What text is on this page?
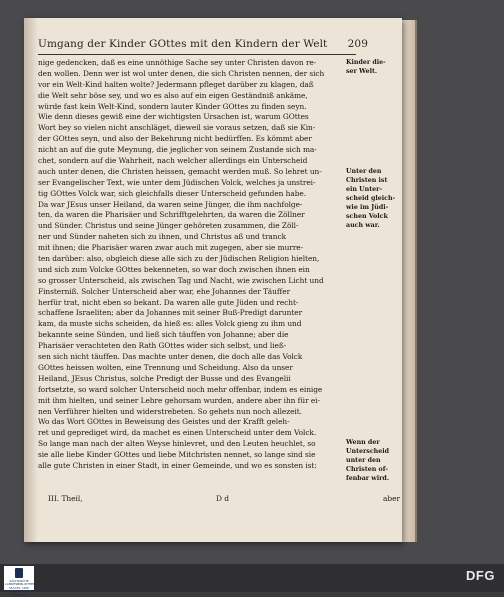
Umgang der Kinder GOttes mit den Kindern der Welt 209
nige gedencken, daß es eine unnöthige Sache sey unter Christen davon re-
den wollen. Denn wer ist wol unter denen, die sich Christen nennen, der sich
vor ein Welt-Kind halten wolte? Jedermann pfleget darüber zu klagen, daß
die Welt sehr böse sey, und wo es also auf ein eigen Geständniß ankäme,
würde fast kein Welt-Kind, sondern lauter Kinder GOttes zu finden seyn.
Wie denn dieses gewiß eine der wichtigsten Ursachen ist, warum GOttes
Wort bey so vielen nicht anschläget, dieweil sie voraus setzen, daß sie Kin-
der GOttes seyn, und also der Bekehrung nicht bedürffen. Es kömmt aber
nicht an auf die gute Meynung, die jeglicher von seinem Zustande sich ma-
chet, sondern auf die Wahrheit, nach welcher allerdings ein Unterscheid
auch unter denen, die Christen heissen, gemacht werden muß. So lehret un-
ser Evangelischer Text, wie unter dem Jüdischen Volck, welches ja unstrei-
tig GOttes Volck war, sich gleichfalls dieser Unterscheid gefunden habe.
Da war JEsus unser Heiland, da waren seine Jünger, die ihm nachfolge-
ten, da waren die Pharisäer und Schrifftgelehrten, da waren die Zöllner
und Sünder. Christus und seine Jünger gehöreten zusammen, die Zöll-
ner und Sünder naheten sich zu ihnen, und Christus aß und tranck
mit ihnen; die Pharisäer waren zwar auch mit zugegen, aber sie murre-
ten darüber: also, obgleich diese alle sich zu der Jüdischen Religion hielten,
und sich zum Volcke GOttes bekenneten, so war doch zwischen ihnen ein
so grosser Unterscheid, als zwischen Tag und Nacht, wie zwischen Licht und
Finsterniß. Solcher Unterscheid aber war, ehe Johannes der Täuffer
herfür trat, nicht eben so bekant. Da waren alle gute Jüden und recht-
schaffene Israeliten; aber da Johannes mit seiner Buß-Predigt darunter
kam, da muste sichs scheiden, da hieß es: alles Volck gieng zu ihm und
bekannte seine Sünden, und ließ sich täuffen von Johanne; aber die
Pharisäer verachteten den Rath GOttes wider sich selbst, und ließ-
sen sich nicht täuffen. Das machte unter denen, die doch alle das Volck
GOttes heissen wolten, eine Trennung und Scheidung. Also da unser
Heiland, JEsus Christus, solche Predigt der Busse und des Evangelii
fortsetzte, so ward solcher Unterscheid noch mehr offenbar, indem es einige
mit ihm hielten, und seiner Lehre gehorsam wurden, andere aber ihn für ei-
nen Verführer hielten und widerstrebeten. So gehets nun noch allezeit.
Wo das Wort GOttes in Beweisung des Geistes und der Krafft geleh-
ret und geprediget wird, da machet es einen Unterscheid unter dem Volck.
So lange man nach der alten Weyse hinlevret, und den Leuten heuchlet, so
sie alle liebe Kinder GOttes und liebe Mitchristen nennet, so lange sind sie
alle gute Christen in einer Stadt, in einer Gemeinde, und wo es sonsten ist:
Kinder die-
ser Welt.
Unter den
Christen ist
ein Unter-
scheid gleich-
wie im Jüdi-
schen Volck
auch war.
Wenn der
Unterscheid
unter den
Christen of-
fenbar wird.
III. Theil,	D d	aber
SÄCHSISCHE LANDESBIBLIOTHEK STAATS- UND UNIVERSITÄTSBIBLIOTHEK DRESDEN
DFG
